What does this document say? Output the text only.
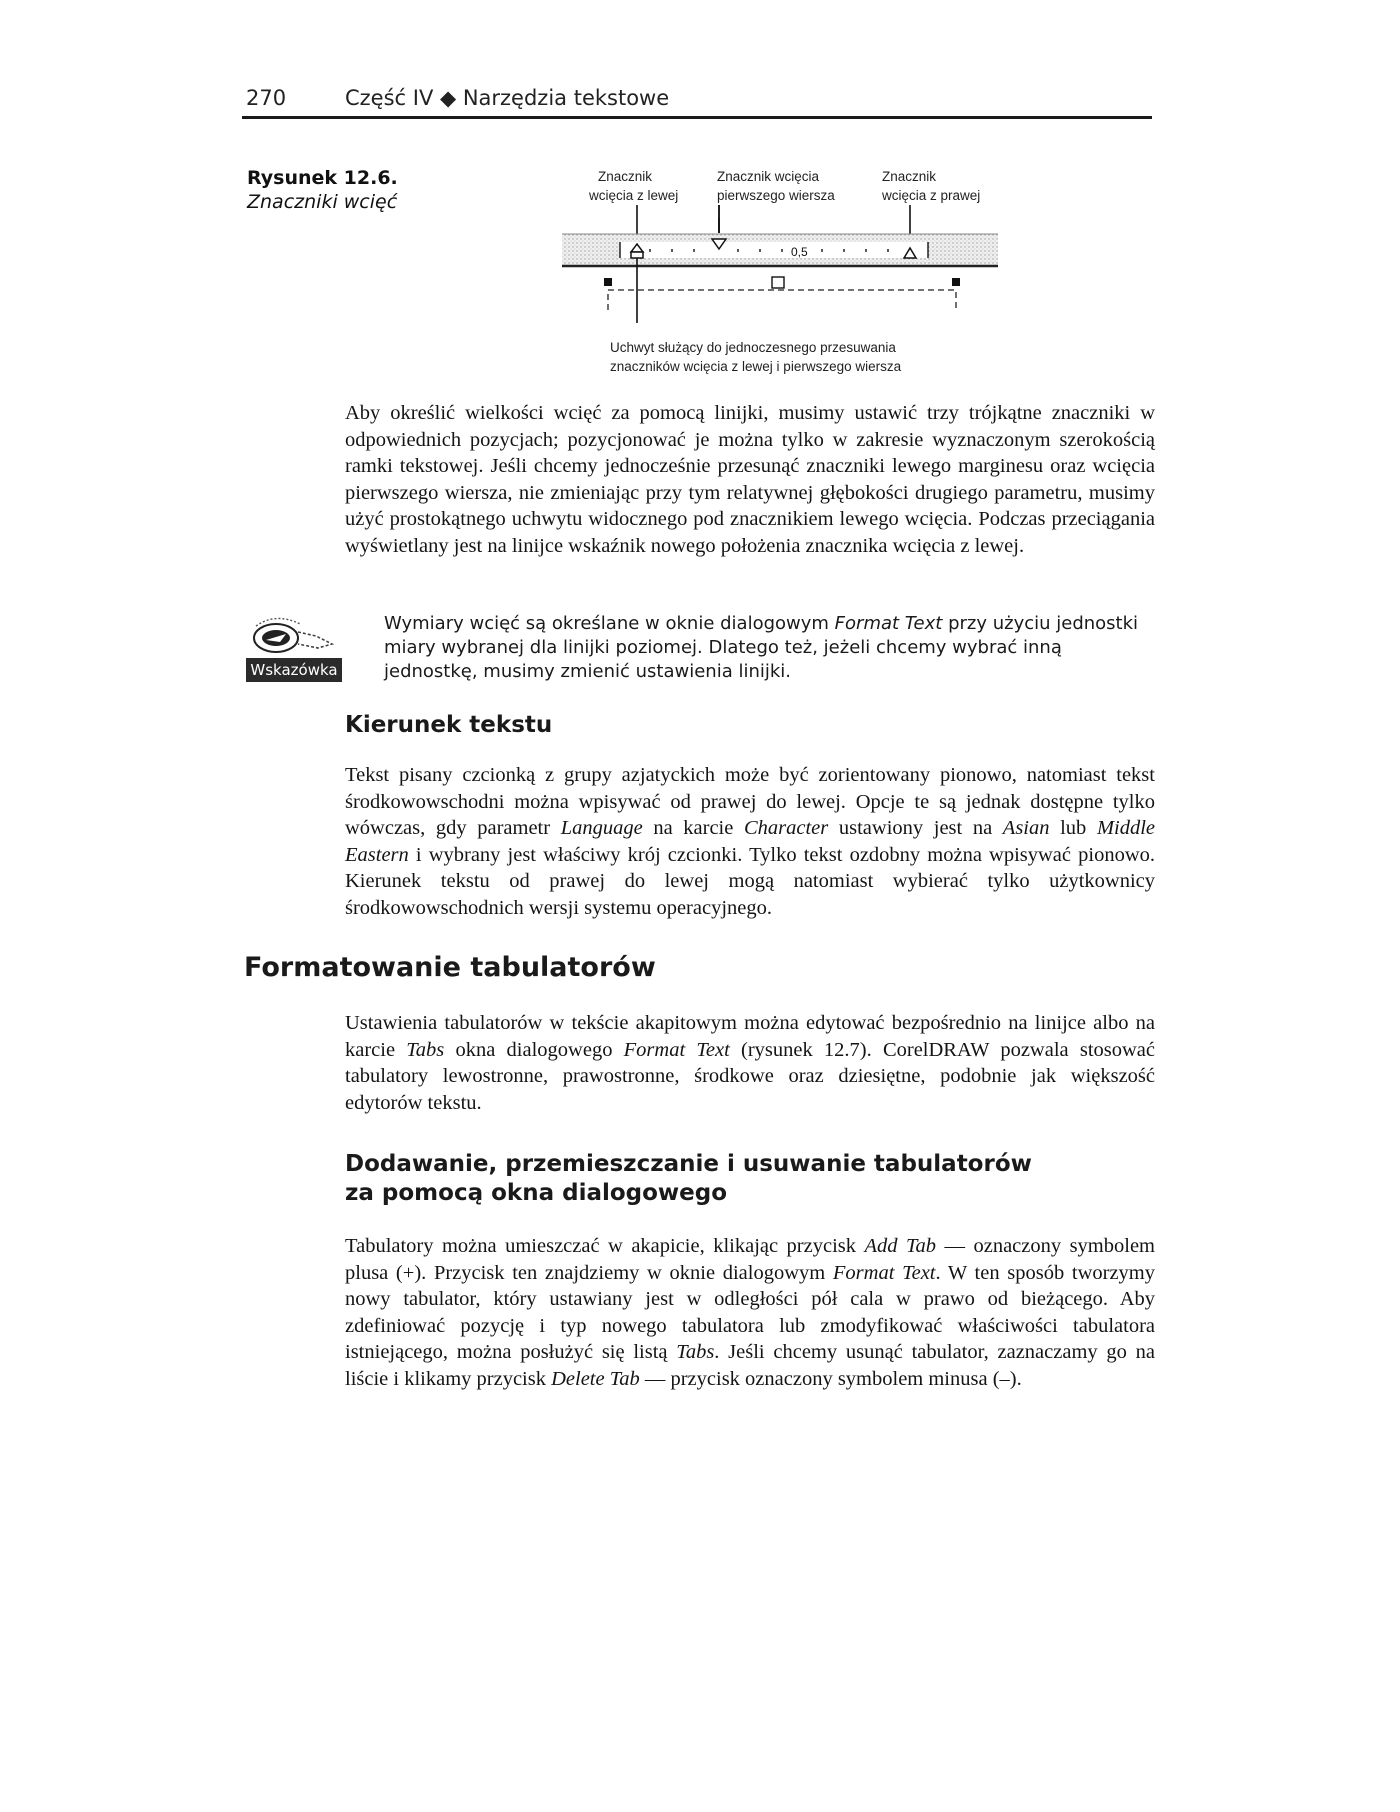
270	Część IV ◆ Narzędzia tekstowe
Rysunek 12.6.
Znaczniki wcięć
Znacznik
wcięcia z lewej
Znacznik wcięcia
pierwszego wiersza
Znacznik
wcięcia z prawej
0,5
Uchwyt służący do jednoczesnego przesuwania
znaczników wcięcia z lewej i pierwszego wiersza

Aby określić wielkości wcięć za pomocą linijki, musimy ustawić trzy trójkątne znaczniki w odpowiednich pozycjach; pozycjonować je można tylko w zakresie wyznaczonym szerokością ramki tekstowej. Jeśli chcemy jednocześnie przesunąć znaczniki lewego marginesu oraz wcięcia pierwszego wiersza, nie zmieniając przy tym relatywnej głębokości drugiego parametru, musimy użyć prostokątnego uchwytu widocznego pod znacznikiem lewego wcięcia. Podczas przeciągania wyświetlany jest na linijce wskaźnik nowego położenia znacznika wcięcia z lewej.

Wskazówka

Wymiary wcięć są określane w oknie dialogowym Format Text przy użyciu jednostki miary wybranej dla linijki poziomej. Dlatego też, jeżeli chcemy wybrać inną jednostkę, musimy zmienić ustawienia linijki.

Kierunek tekstu

Tekst pisany czcionką z grupy azjatyckich może być zorientowany pionowo, natomiast tekst środkowowschodni można wpisywać od prawej do lewej. Opcje te są jednak dostępne tylko wówczas, gdy parametr Language na karcie Character ustawiony jest na Asian lub Middle Eastern i wybrany jest właściwy krój czcionki. Tylko tekst ozdobny można wpisywać pionowo. Kierunek tekstu od prawej do lewej mogą natomiast wybierać tylko użytkownicy środkowowschodnich wersji systemu operacyjnego.

Formatowanie tabulatorów

Ustawienia tabulatorów w tekście akapitowym można edytować bezpośrednio na linijce albo na karcie Tabs okna dialogowego Format Text (rysunek 12.7). CorelDRAW pozwala stosować tabulatory lewostronne, prawostronne, środkowe oraz dziesiętne, podobnie jak większość edytorów tekstu.

Dodawanie, przemieszczanie i usuwanie tabulatorów
za pomocą okna dialogowego

Tabulatory można umieszczać w akapicie, klikając przycisk Add Tab — oznaczony symbolem plusa (+). Przycisk ten znajdziemy w oknie dialogowym Format Text. W ten sposób tworzymy nowy tabulator, który ustawiany jest w odległości pół cala w prawo od bieżącego. Aby zdefiniować pozycję i typ nowego tabulatora lub zmodyfikować właściwości tabulatora istniejącego, można posłużyć się listą Tabs. Jeśli chcemy usunąć tabulator, zaznaczamy go na liście i klikamy przycisk Delete Tab — przycisk oznaczony symbolem minusa (–).
